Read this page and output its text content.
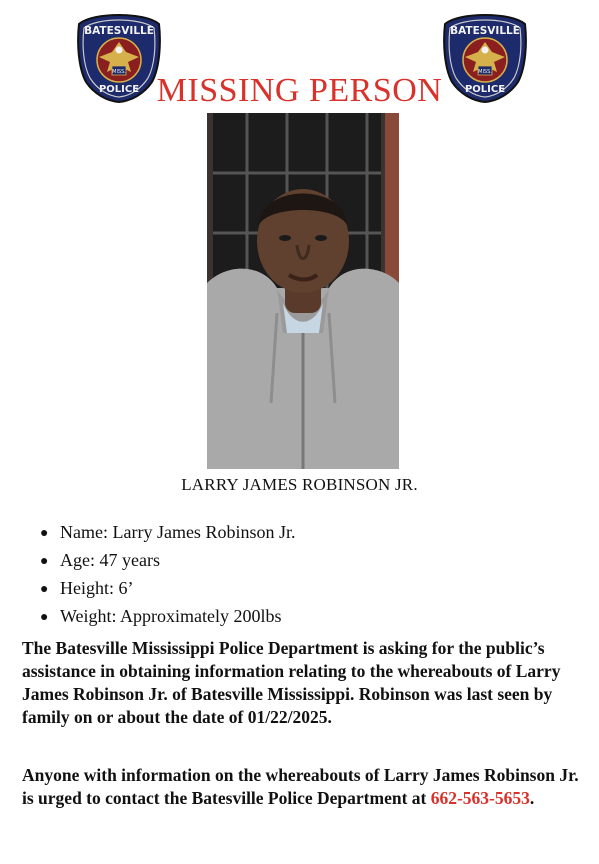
MISS.
BATESVILLE
POLICE
MISS.
BATESVILLE
POLICE
MISSING PERSON
LARRY JAMES ROBINSON JR.
● Name: Larry James Robinson Jr.
● Age: 47 years
● Height: 6’
● Weight: Approximately 200lbs

The Batesville Mississippi Police Department is asking for the public’s assistance in obtaining information relating to the whereabouts of Larry James Robinson Jr. of Batesville Mississippi. Robinson was last seen by family on or about the date of 01/22/2025.

Anyone with information on the whereabouts of Larry James Robinson Jr. is urged to contact the Batesville Police Department at 662-563-5653.
